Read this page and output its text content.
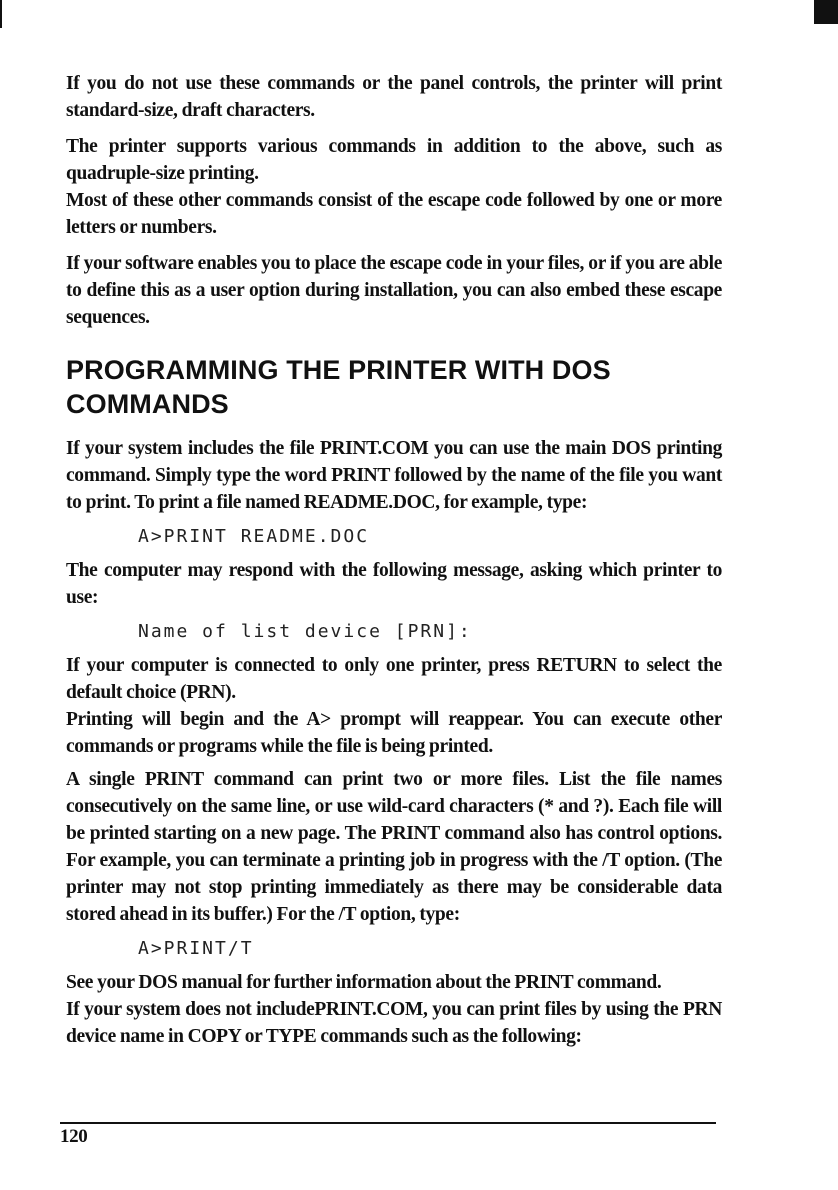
If you do not use these commands or the panel controls, the printer will print standard-size, draft characters.

The printer supports various commands in addition to the above, such as quadruple-size printing.

Most of these other commands consist of the escape code followed by one or more letters or numbers.

If your software enables you to place the escape code in your files, or if you are able to define this as a user option during installation, you can also embed these escape sequences.

PROGRAMMING THE PRINTER WITH DOS COMMANDS

If your system includes the file PRINT.COM you can use the main DOS printing command. Simply type the word PRINT followed by the name of the file you want to print. To print a file named README.DOC, for example, type:

A>PRINT README.DOC

The computer may respond with the following message, asking which printer to use:

Name of list device [PRN]:

If your computer is connected to only one printer, press RETURN to select the default choice (PRN).

Printing will begin and the A> prompt will reappear. You can execute other commands or programs while the file is being printed.

A single PRINT command can print two or more files. List the file names consecutively on the same line, or use wild-card characters (* and ?). Each file will be printed starting on a new page. The PRINT command also has control options. For example, you can terminate a printing job in progress with the /T option. (The printer may not stop printing immediately as there may be considerable data stored ahead in its buffer.) For the /T option, type:

A>PRINT/T

See your DOS manual for further information about the PRINT command.

If your system does not includePRINT.COM, you can print files by using the PRN device name in COPY or TYPE commands such as the following:

120
